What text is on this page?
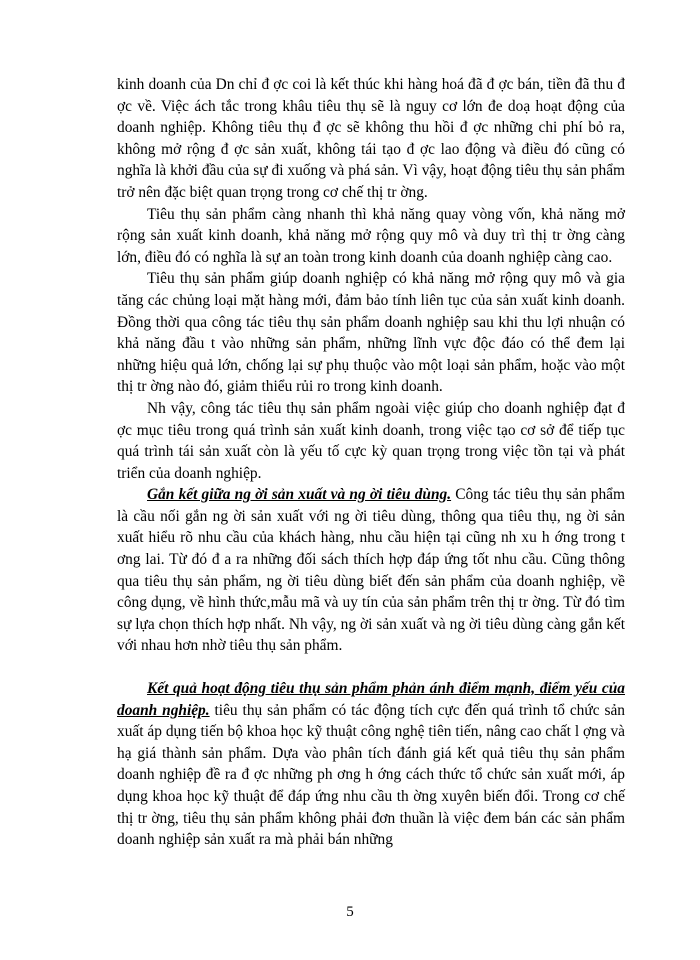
kinh doanh của Dn chỉ đ ợc coi là kết thúc khi hàng hoá đã đ ợc bán, tiền đã thu đ ợc về. Việc ách tắc trong khâu tiêu thụ sẽ là nguy cơ lớn đe doạ hoạt động của doanh nghiệp. Không tiêu thụ đ ợc sẽ không thu hồi đ ợc những chi phí bỏ ra, không mở rộng đ ợc sản xuất, không tái tạo đ ợc lao động và điều đó cũng có nghĩa là khởi đầu của sự đi xuống và phá sản. Vì vậy, hoạt động tiêu thụ sản phẩm trở nên đặc biệt quan trọng trong cơ chế thị tr ờng.

Tiêu thụ sản phẩm càng nhanh thì khả năng quay vòng vốn, khả năng mở rộng sản xuất kinh doanh, khả năng mở rộng quy mô và duy trì thị tr ờng càng lớn, điều đó có nghĩa là sự an toàn trong kinh doanh của doanh nghiệp càng cao.

Tiêu thụ sản phẩm giúp doanh nghiệp có khả năng mở rộng quy mô và gia tăng các chủng loại mặt hàng mới, đảm bảo tính liên tục của sản xuất kinh doanh. Đồng thời qua công tác tiêu thụ sản phẩm doanh nghiệp sau khi thu lợi nhuận có khả năng đầu t vào những sản phẩm, những lĩnh vực độc đáo có thể đem lại những hiệu quả lớn, chống lại sự phụ thuộc vào một loại sản phẩm, hoặc vào một thị tr ờng nào đó, giảm thiểu rủi ro trong kinh doanh.

Nh vậy, công tác tiêu thụ sản phẩm ngoài việc giúp cho doanh nghiệp đạt đ ợc mục tiêu trong quá trình sản xuất kinh doanh, trong việc tạo cơ sở để tiếp tục quá trình tái sản xuất còn là yếu tố cực kỳ quan trọng trong việc tồn tại và phát triển của doanh nghiệp.

Gắn kết giữa ng ời sản xuất và ng ời tiêu dùng. Công tác tiêu thụ sản phẩm là cầu nối gắn ng ời sản xuất với ng ời tiêu dùng, thông qua tiêu thụ, ng ời sản xuất hiểu rõ nhu cầu của khách hàng, nhu cầu hiện tại cũng nh xu h ớng trong t ơng lai. Từ đó đ a ra những đối sách thích hợp đáp ứng tốt nhu cầu. Cũng thông qua tiêu thụ sản phẩm, ng ời tiêu dùng biết đến sản phẩm của doanh nghiệp, về công dụng, về hình thức,mẫu mã và uy tín của sản phẩm trên thị tr ờng. Từ đó tìm sự lựa chọn thích hợp nhất. Nh vậy, ng ời sản xuất và ng ời tiêu dùng càng gắn kết với nhau hơn nhờ tiêu thụ sản phẩm.

Kết quả hoạt động tiêu thụ sản phẩm phản ánh điểm mạnh, điểm yếu của doanh nghiệp. tiêu thụ sản phẩm có tác động tích cực đến quá trình tổ chức sản xuất áp dụng tiến bộ khoa học kỹ thuật công nghệ tiên tiến, nâng cao chất l ợng và hạ giá thành sản phẩm. Dựa vào phân tích đánh giá kết quả tiêu thụ sản phẩm doanh nghiệp đề ra đ ợc những ph ơng h ớng cách thức tổ chức sản xuất mới, áp dụng khoa học kỹ thuật để đáp ứng nhu cầu th ờng xuyên biến đổi. Trong cơ chế thị tr ờng, tiêu thụ sản phẩm không phải đơn thuần là việc đem bán các sản phẩm doanh nghiệp sản xuất ra mà phải bán những

5
